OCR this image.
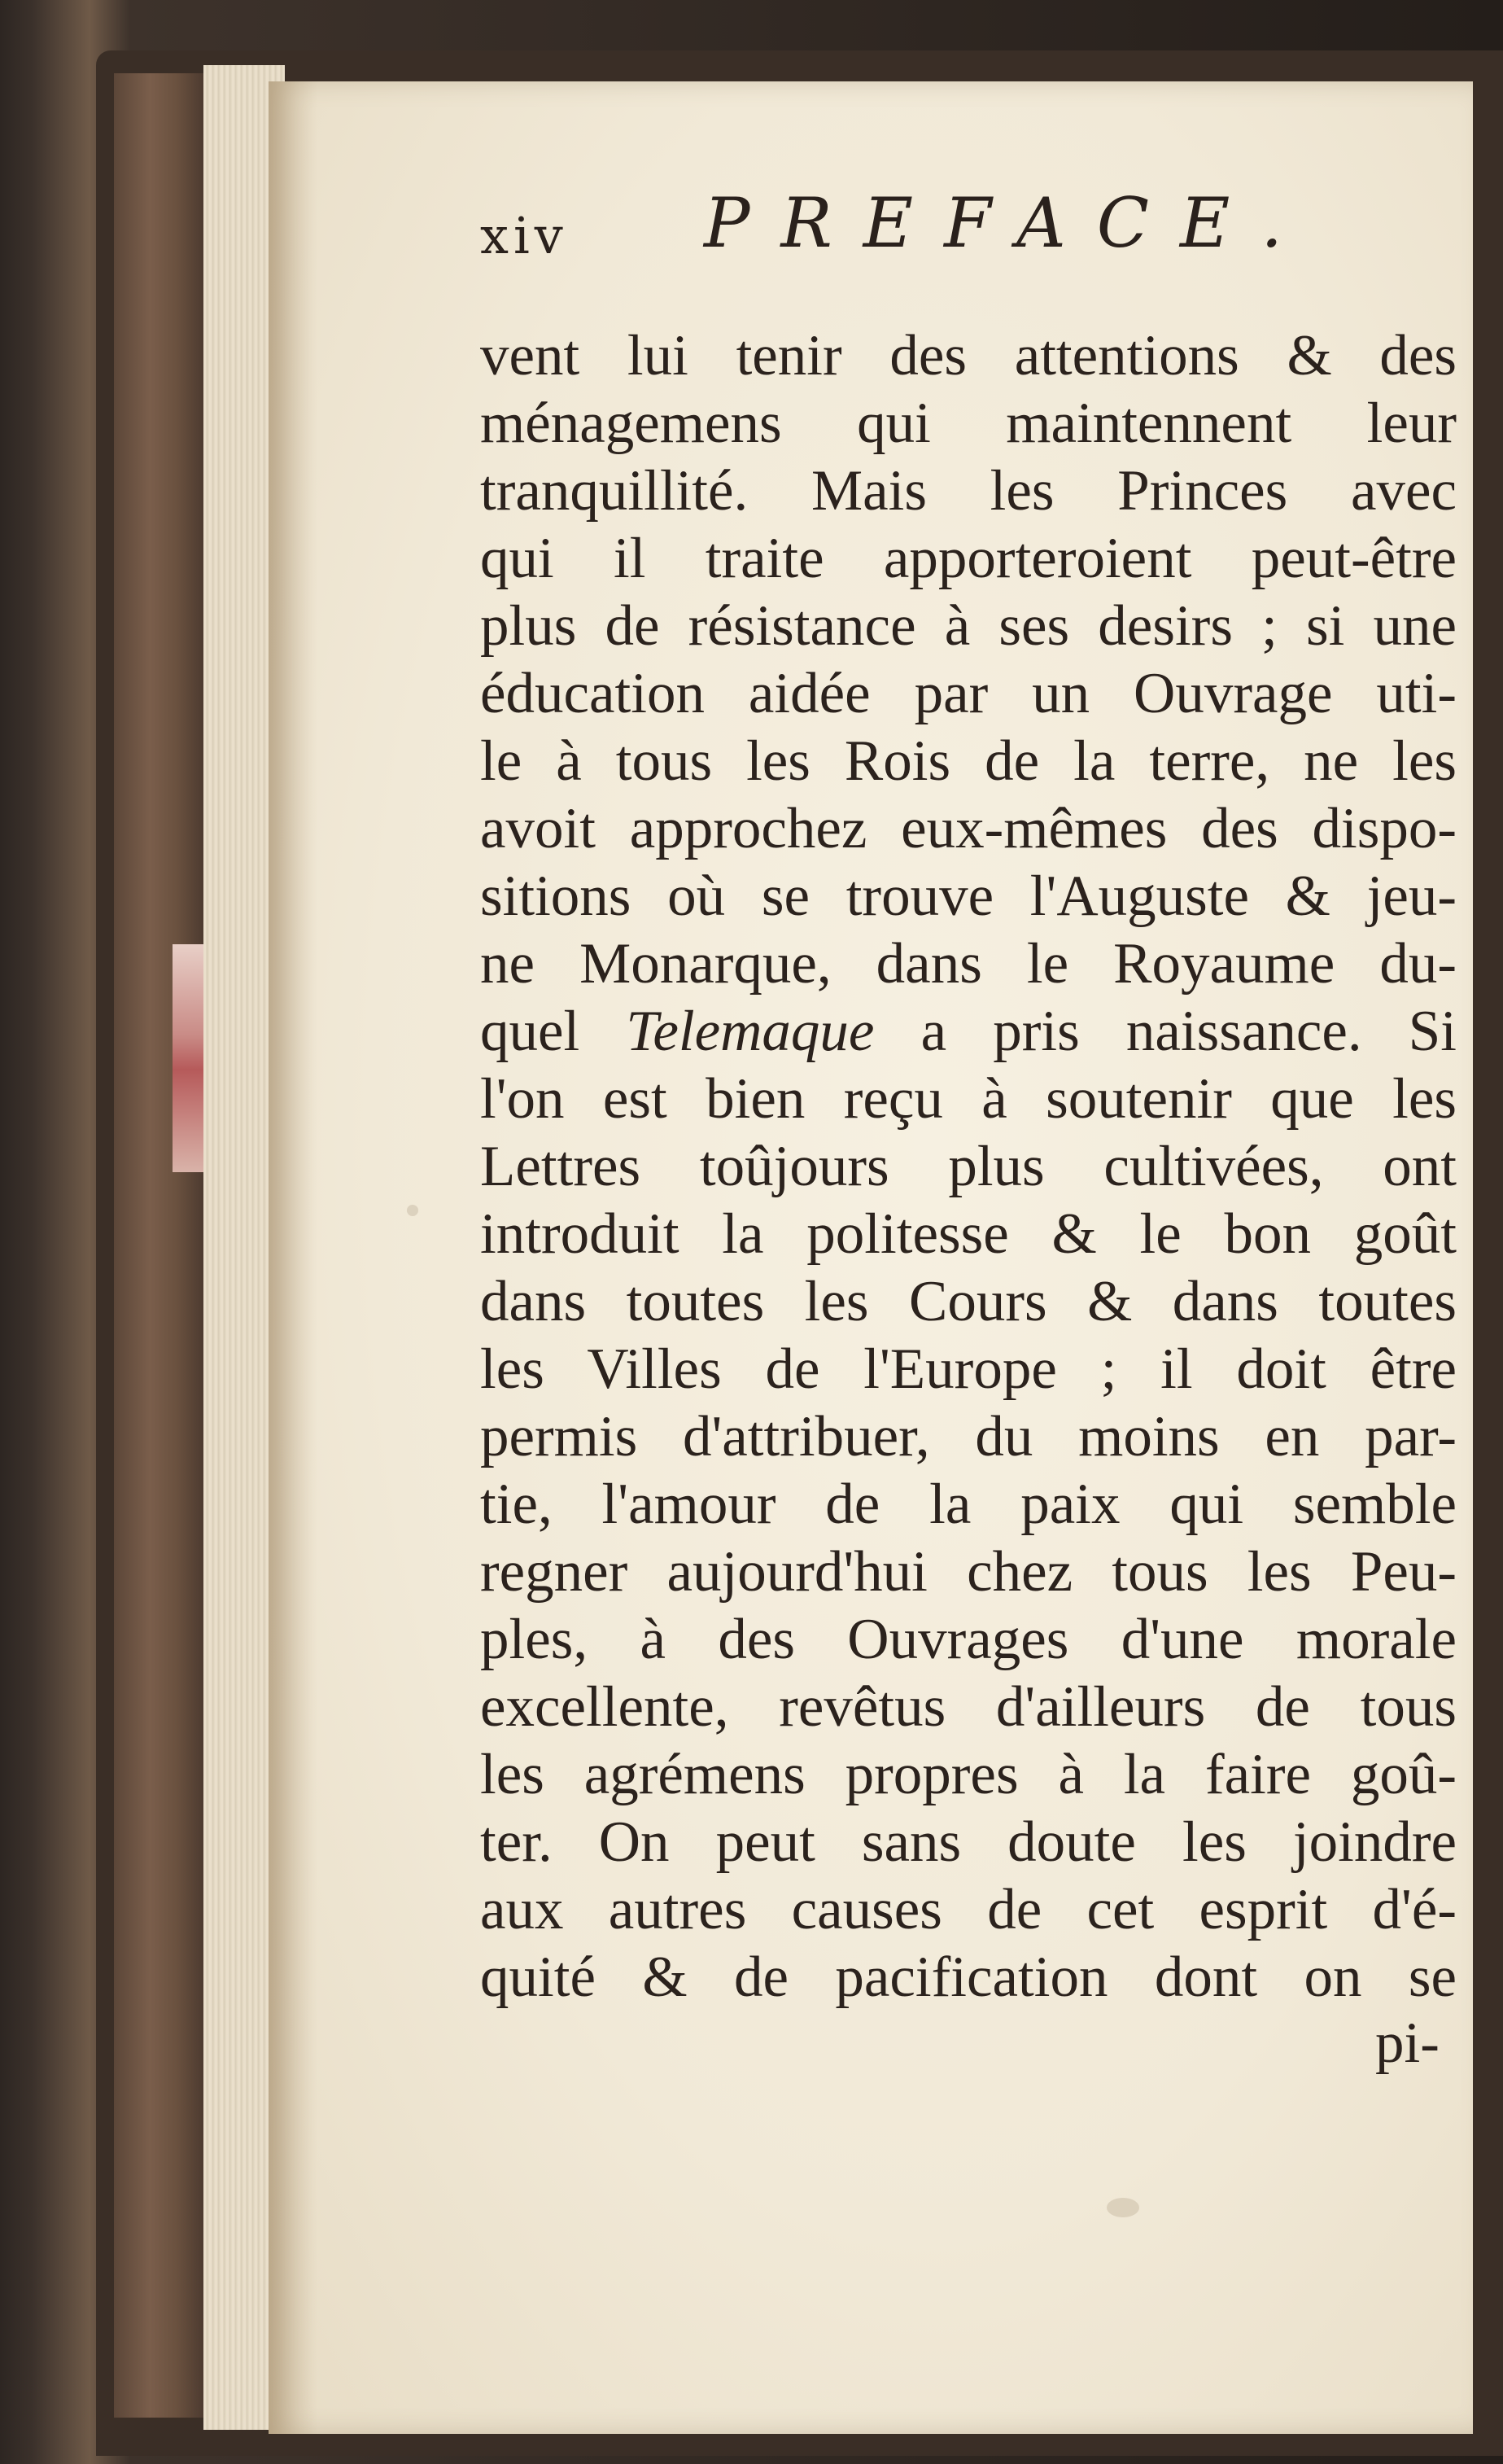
xiv PREFACE.
vent lui tenir des attentions & des
ménagemens qui maintennent leur
tranquillité. Mais les Princes avec
qui il traite apporteroient peut-être
plus de résistance à ses desirs ; si une
éducation aidée par un Ouvrage uti-
le à tous les Rois de la terre, ne les
avoit approchez eux-mêmes des dispo-
sitions où se trouve l'Auguste & jeu-
ne Monarque, dans le Royaume du-
quel Telemaque a pris naissance. Si
l'on est bien reçu à soutenir que les
Lettres toûjours plus cultivées, ont
introduit la politesse & le bon goût
dans toutes les Cours & dans toutes
les Villes de l'Europe ; il doit être
permis d'attribuer, du moins en par-
tie, l'amour de la paix qui semble
regner aujourd'hui chez tous les Peu-
ples, à des Ouvrages d'une morale
excellente, revêtus d'ailleurs de tous
les agrémens propres à la faire goû-
ter. On peut sans doute les joindre
aux autres causes de cet esprit d'é-
quité & de pacification dont on se
pi-
